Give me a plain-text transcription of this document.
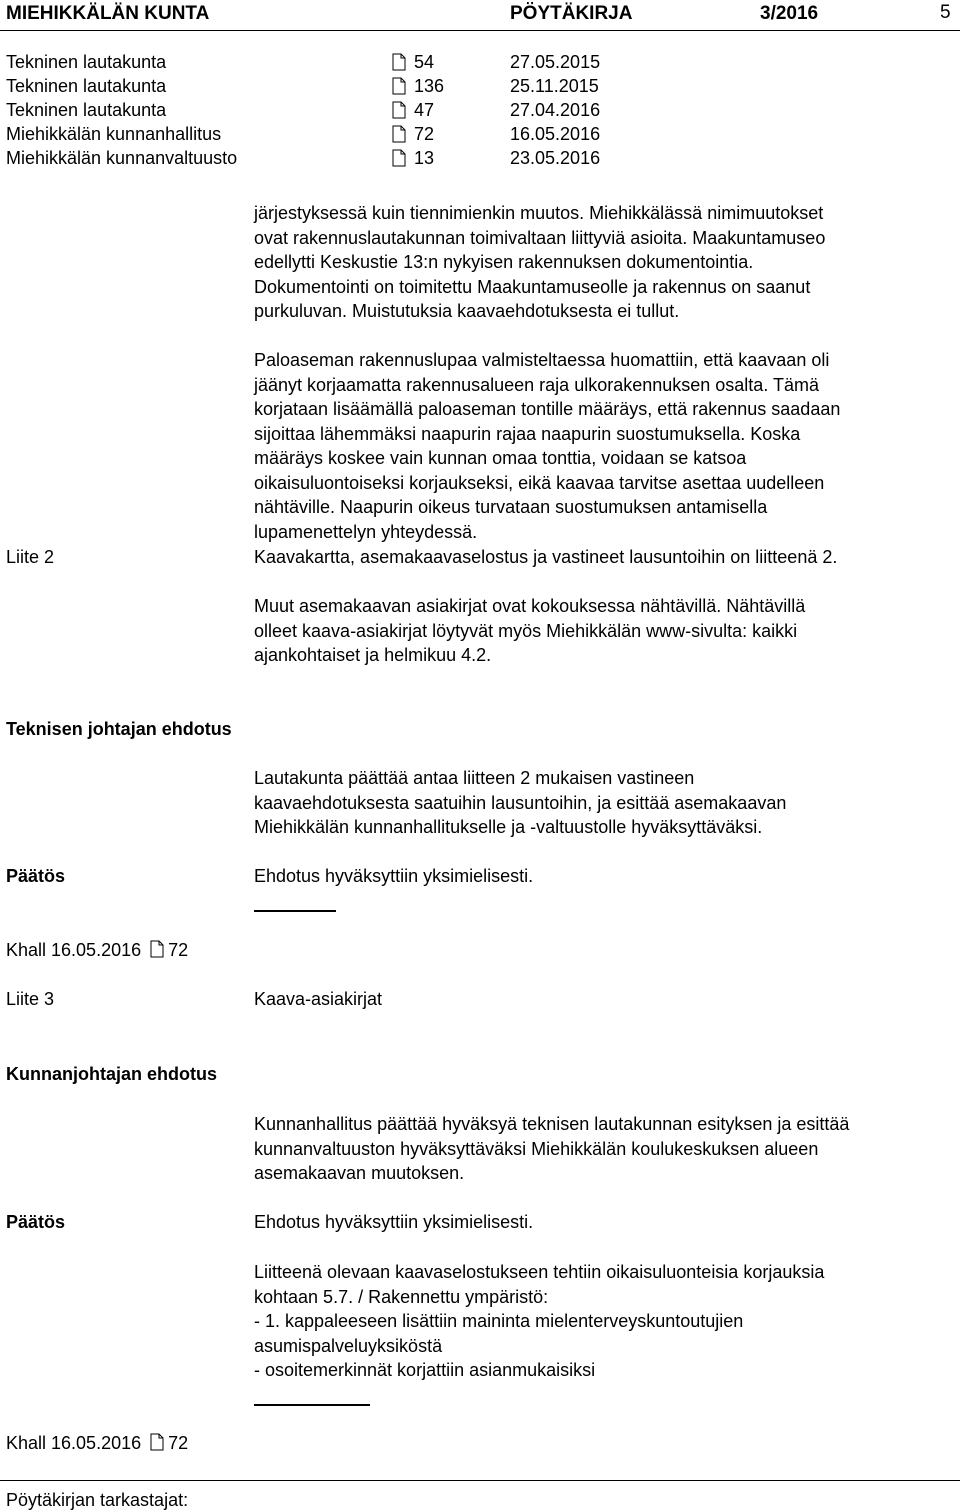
MIEHIKKÄLÄN KUNTA	PÖYTÄKIRJA	3/2016	5
Tekninen lautakunta	54	27.05.2015
Tekninen lautakunta	136	25.11.2015
Tekninen lautakunta	47	27.04.2016
Miehikkälän kunnanhallitus	72	16.05.2016
Miehikkälän kunnanvaltuusto	13	23.05.2016
järjestyksessä kuin tiennimienkin muutos. Miehikkälässä nimimuutokset
ovat rakennuslautakunnan toimivaltaan liittyviä asioita. Maakuntamuseo
edellytti Keskustie 13:n nykyisen rakennuksen dokumentointia.
Dokumentointi on toimitettu Maakuntamuseolle ja rakennus on saanut
purkuluvan. Muistutuksia kaavaehdotuksesta ei tullut.
Paloaseman rakennuslupaa valmisteltaessa huomattiin, että kaavaan oli
jäänyt korjaamatta rakennusalueen raja ulkorakennuksen osalta. Tämä
korjataan lisäämällä paloaseman tontille määräys, että rakennus saadaan
sijoittaa lähemmäksi naapurin rajaa naapurin suostumuksella. Koska
määräys koskee vain kunnan omaa tonttia, voidaan se katsoa
oikaisuluontoiseksi korjaukseksi, eikä kaavaa tarvitse asettaa uudelleen
nähtäville. Naapurin oikeus turvataan suostumuksen antamisella
lupamenettelyn yhteydessä.
Liite 2	Kaavakartta, asemakaavaselostus ja vastineet lausuntoihin on liitteenä 2.
Muut asemakaavan asiakirjat ovat kokouksessa nähtävillä. Nähtävillä
olleet kaava-asiakirjat löytyvät myös Miehikkälän www-sivulta: kaikki
ajankohtaiset ja helmikuu 4.2.
Teknisen johtajan ehdotus
Lautakunta päättää antaa liitteen 2 mukaisen vastineen
kaavaehdotuksesta saatuihin lausuntoihin, ja esittää asemakaavan
Miehikkälän kunnanhallitukselle ja -valtuustolle hyväksyttäväksi.
Päätös	Ehdotus hyväksyttiin yksimielisesti.
Khall 16.05.2016 72
Liite 3	Kaava-asiakirjat
Kunnanjohtajan ehdotus
Kunnanhallitus päättää hyväksyä teknisen lautakunnan esityksen ja esittää
kunnanvaltuuston hyväksyttäväksi Miehikkälän koulukeskuksen alueen
asemakaavan muutoksen.
Päätös	Ehdotus hyväksyttiin yksimielisesti.
Liitteenä olevaan kaavaselostukseen tehtiin oikaisuluonteisia korjauksia
kohtaan 5.7. / Rakennettu ympäristö:
- 1. kappaleeseen lisättiin maininta mielenterveyskuntoutujien
asumispalveluyksiköstä
- osoitemerkinnät korjattiin asianmukaisiksi
Khall 16.05.2016 72
Pöytäkirjan tarkastajat:
